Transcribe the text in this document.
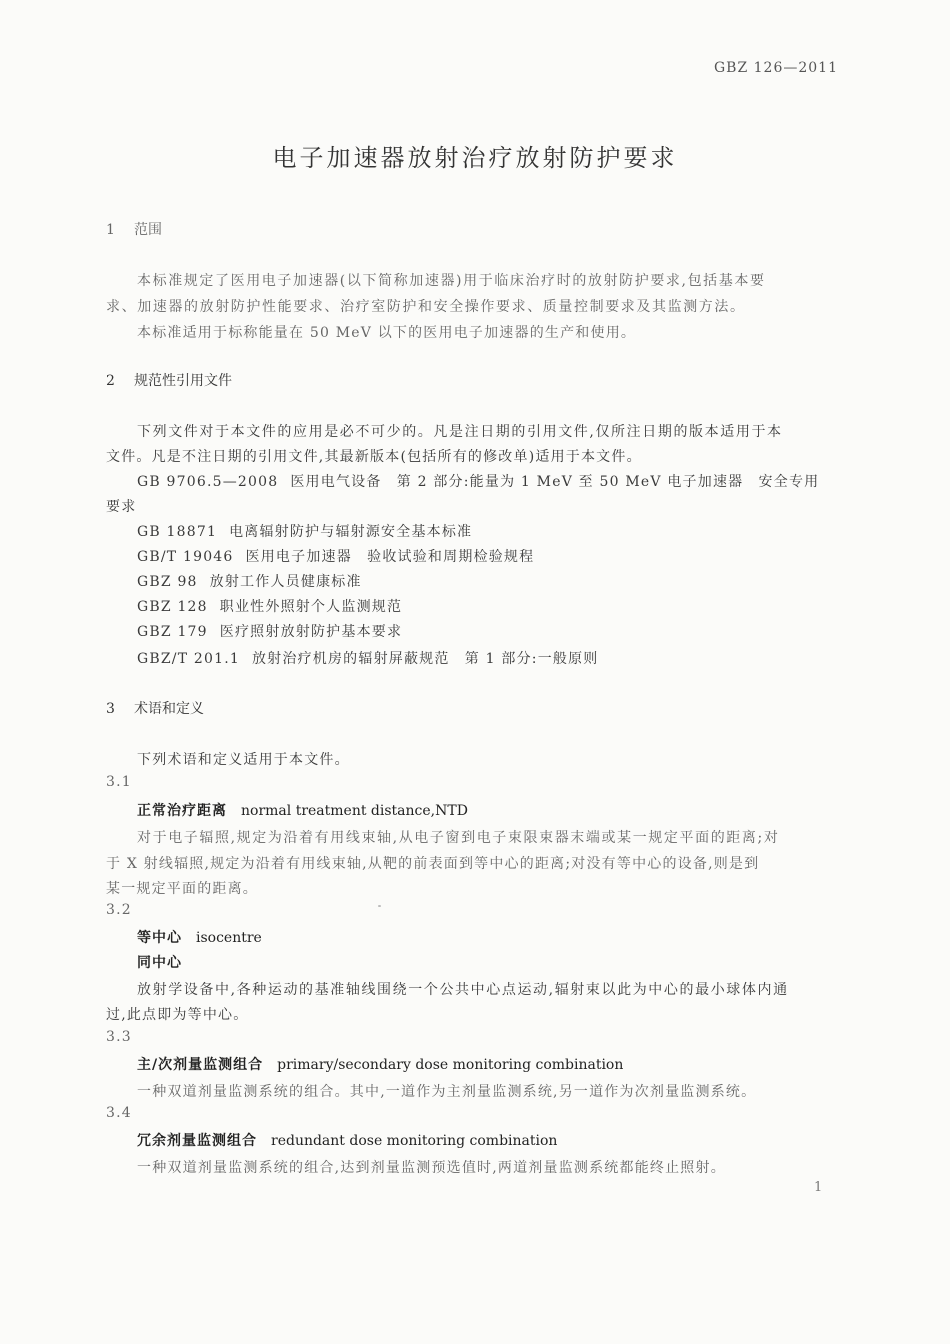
GBZ 126—2011
电子加速器放射治疗放射防护要求
1 范围
本标准规定了医用电子加速器(以下简称加速器)用于临床治疗时的放射防护要求,包括基本要
求、加速器的放射防护性能要求、治疗室防护和安全操作要求、质量控制要求及其监测方法。
本标准适用于标称能量在 50 MeV 以下的医用电子加速器的生产和使用。
2 规范性引用文件
下列文件对于本文件的应用是必不可少的。凡是注日期的引用文件,仅所注日期的版本适用于本
文件。凡是不注日期的引用文件,其最新版本(包括所有的修改单)适用于本文件。
GB 9706.5—2008 医用电气设备　第 2 部分:能量为 1 MeV 至 50 MeV 电子加速器　安全专用
要求
GB 18871 电离辐射防护与辐射源安全基本标准
GB/T 19046 医用电子加速器　验收试验和周期检验规程
GBZ 98 放射工作人员健康标准
GBZ 128 职业性外照射个人监测规范
GBZ 179 医疗照射放射防护基本要求
GBZ/T 201.1 放射治疗机房的辐射屏蔽规范　第 1 部分:一般原则
3 术语和定义
下列术语和定义适用于本文件。
3.1
正常治疗距离 normal treatment distance,NTD
对于电子辐照,规定为沿着有用线束轴,从电子窗到电子束限束器末端或某一规定平面的距离;对
于 X 射线辐照,规定为沿着有用线束轴,从靶的前表面到等中心的距离;对没有等中心的设备,则是到
某一规定平面的距离。
3.2
等中心 isocentre
同中心
放射学设备中,各种运动的基准轴线围绕一个公共中心点运动,辐射束以此为中心的最小球体内通
过,此点即为等中心。
3.3
主/次剂量监测组合 primary/secondary dose monitoring combination
一种双道剂量监测系统的组合。其中,一道作为主剂量监测系统,另一道作为次剂量监测系统。
3.4
冗余剂量监测组合 redundant dose monitoring combination
一种双道剂量监测系统的组合,达到剂量监测预选值时,两道剂量监测系统都能终止照射。
1
